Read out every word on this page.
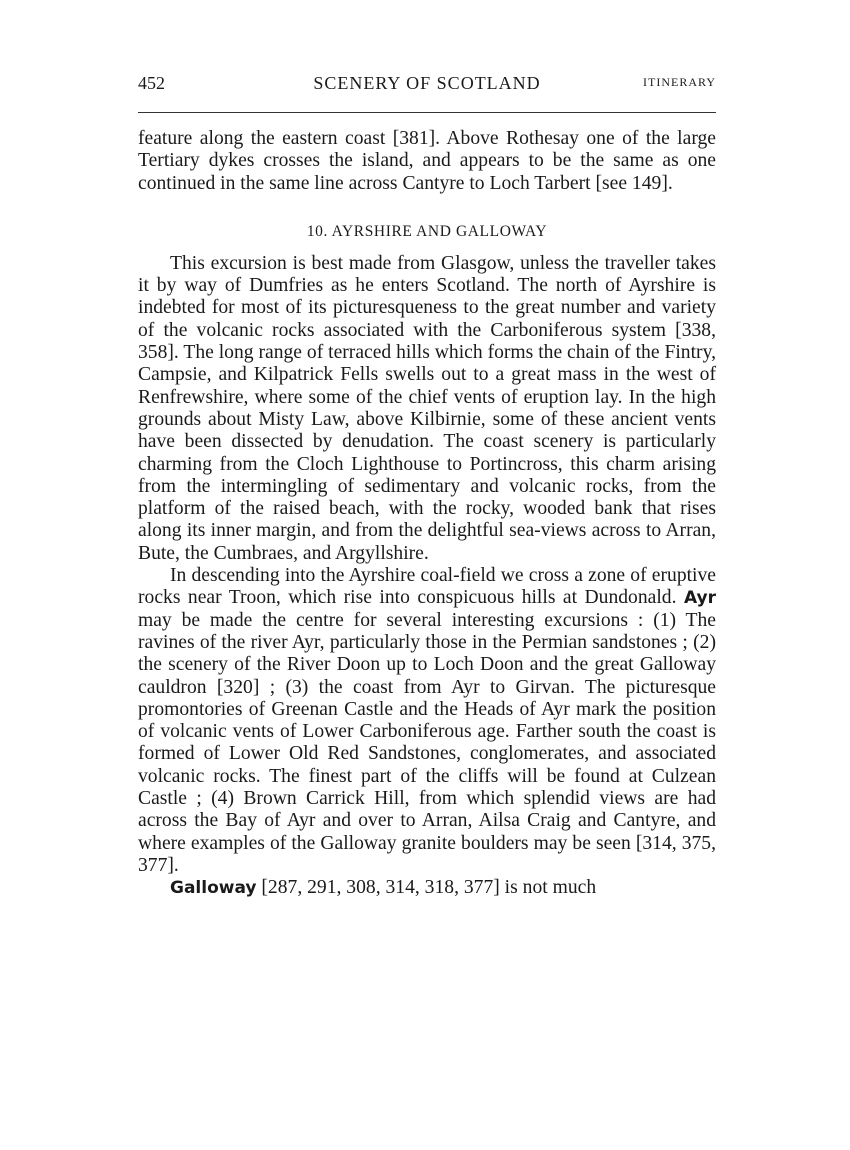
452	SCENERY OF SCOTLAND	ITINERARY

feature along the eastern coast [381]. Above Rothesay one of the large Tertiary dykes crosses the island, and appears to be the same as one continued in the same line across Cantyre to Loch Tarbert [see 149].

10. AYRSHIRE AND GALLOWAY

This excursion is best made from Glasgow, unless the traveller takes it by way of Dumfries as he enters Scotland. The north of Ayrshire is indebted for most of its picturesqueness to the great number and variety of the volcanic rocks associated with the Carboniferous system [338, 358]. The long range of terraced hills which forms the chain of the Fintry, Campsie, and Kilpatrick Fells swells out to a great mass in the west of Renfrewshire, where some of the chief vents of eruption lay. In the high grounds about Misty Law, above Kilbirnie, some of these ancient vents have been dissected by denudation. The coast scenery is particularly charming from the Cloch Lighthouse to Portincross, this charm arising from the intermingling of sedimentary and volcanic rocks, from the platform of the raised beach, with the rocky, wooded bank that rises along its inner margin, and from the delightful sea-views across to Arran, Bute, the Cumbraes, and Argyllshire.

In descending into the Ayrshire coal-field we cross a zone of eruptive rocks near Troon, which rise into conspicuous hills at Dundonald. Ayr may be made the centre for several interesting excursions : (1) The ravines of the river Ayr, particularly those in the Permian sandstones ; (2) the scenery of the River Doon up to Loch Doon and the great Galloway cauldron [320] ; (3) the coast from Ayr to Girvan. The picturesque promontories of Greenan Castle and the Heads of Ayr mark the position of volcanic vents of Lower Carboniferous age. Farther south the coast is formed of Lower Old Red Sandstones, conglomerates, and associated volcanic rocks. The finest part of the cliffs will be found at Culzean Castle ; (4) Brown Carrick Hill, from which splendid views are had across the Bay of Ayr and over to Arran, Ailsa Craig and Cantyre, and where examples of the Galloway granite boulders may be seen [314, 375, 377].

Galloway [287, 291, 308, 314, 318, 377] is not much
